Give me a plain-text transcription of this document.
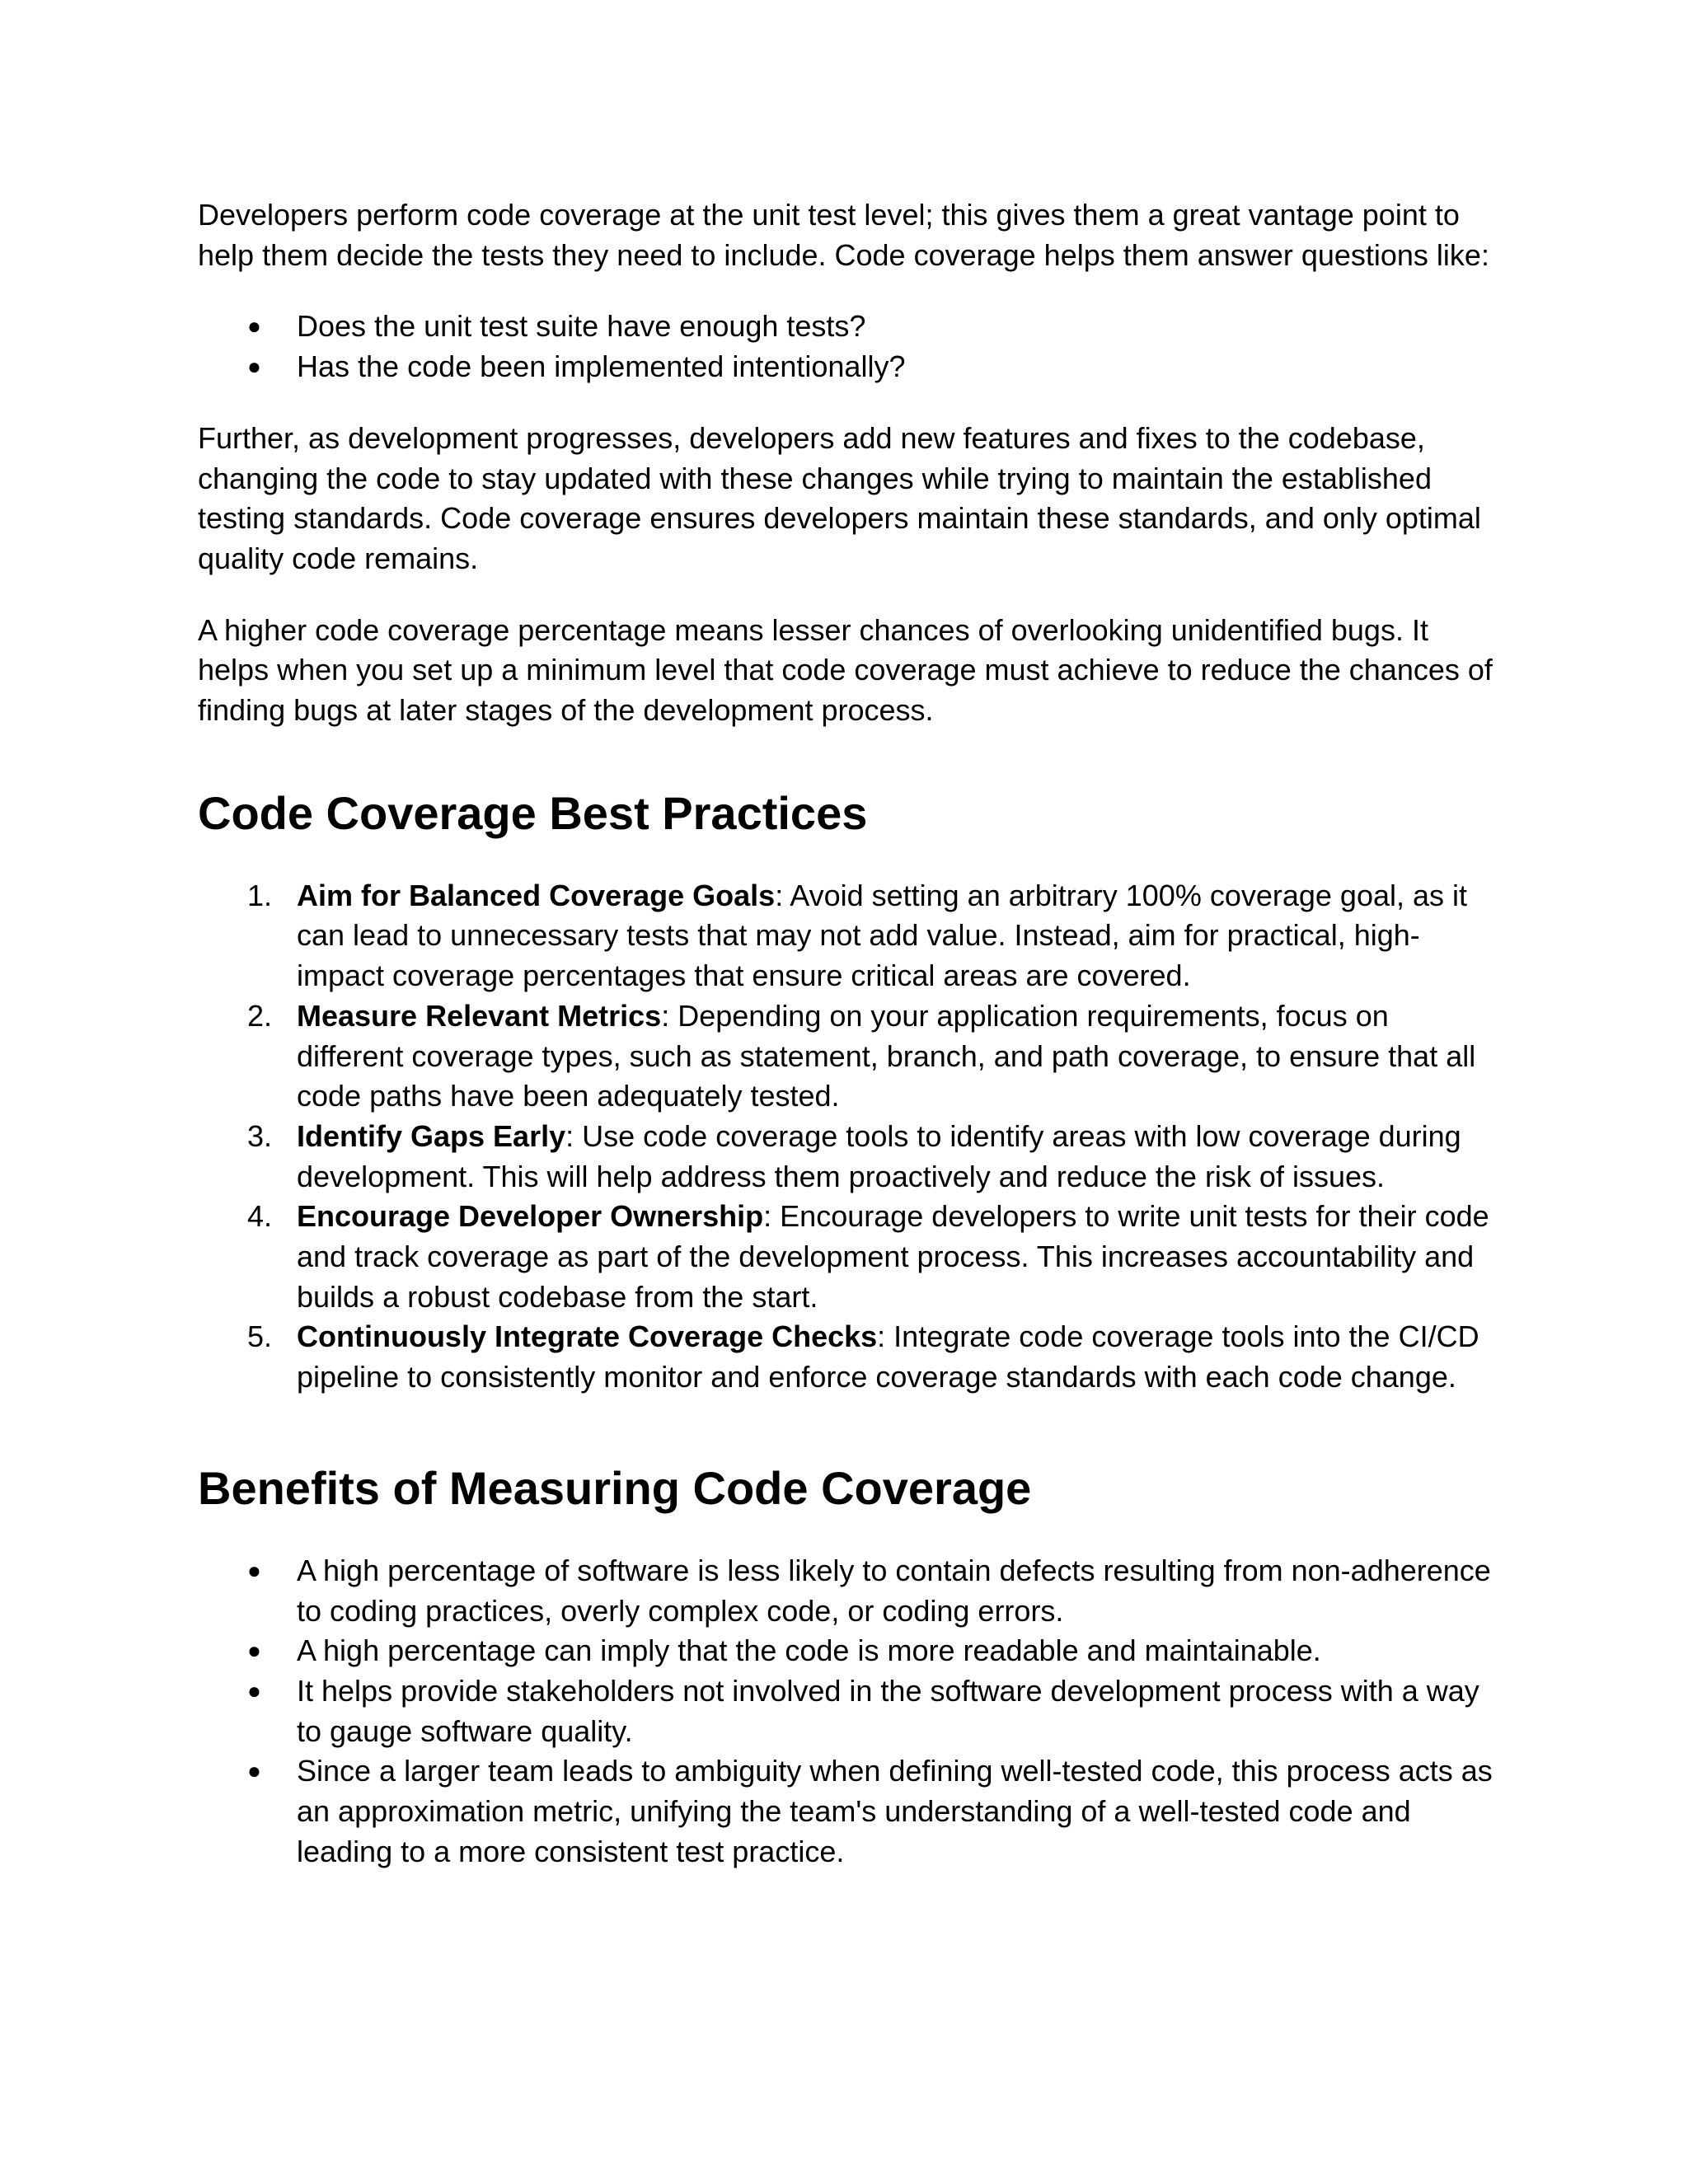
Developers perform code coverage at the unit test level; this gives them a great vantage point to help them decide the tests they need to include. Code coverage helps them answer questions like:

● Does the unit test suite have enough tests?
● Has the code been implemented intentionally?

Further, as development progresses, developers add new features and fixes to the codebase, changing the code to stay updated with these changes while trying to maintain the established testing standards. Code coverage ensures developers maintain these standards, and only optimal quality code remains.

A higher code coverage percentage means lesser chances of overlooking unidentified bugs. It helps when you set up a minimum level that code coverage must achieve to reduce the chances of finding bugs at later stages of the development process.

Code Coverage Best Practices
1. Aim for Balanced Coverage Goals: Avoid setting an arbitrary 100% coverage goal, as it can lead to unnecessary tests that may not add value. Instead, aim for practical, high-impact coverage percentages that ensure critical areas are covered.
2. Measure Relevant Metrics: Depending on your application requirements, focus on different coverage types, such as statement, branch, and path coverage, to ensure that all code paths have been adequately tested.
3. Identify Gaps Early: Use code coverage tools to identify areas with low coverage during development. This will help address them proactively and reduce the risk of issues.
4. Encourage Developer Ownership: Encourage developers to write unit tests for their code and track coverage as part of the development process. This increases accountability and builds a robust codebase from the start.
5. Continuously Integrate Coverage Checks: Integrate code coverage tools into the CI/CD pipeline to consistently monitor and enforce coverage standards with each code change.
Benefits of Measuring Code Coverage
● A high percentage of software is less likely to contain defects resulting from non-adherence to coding practices, overly complex code, or coding errors.
● A high percentage can imply that the code is more readable and maintainable.
● It helps provide stakeholders not involved in the software development process with a way to gauge software quality.
● Since a larger team leads to ambiguity when defining well-tested code, this process acts as an approximation metric, unifying the team's understanding of a well-tested code and leading to a more consistent test practice.
